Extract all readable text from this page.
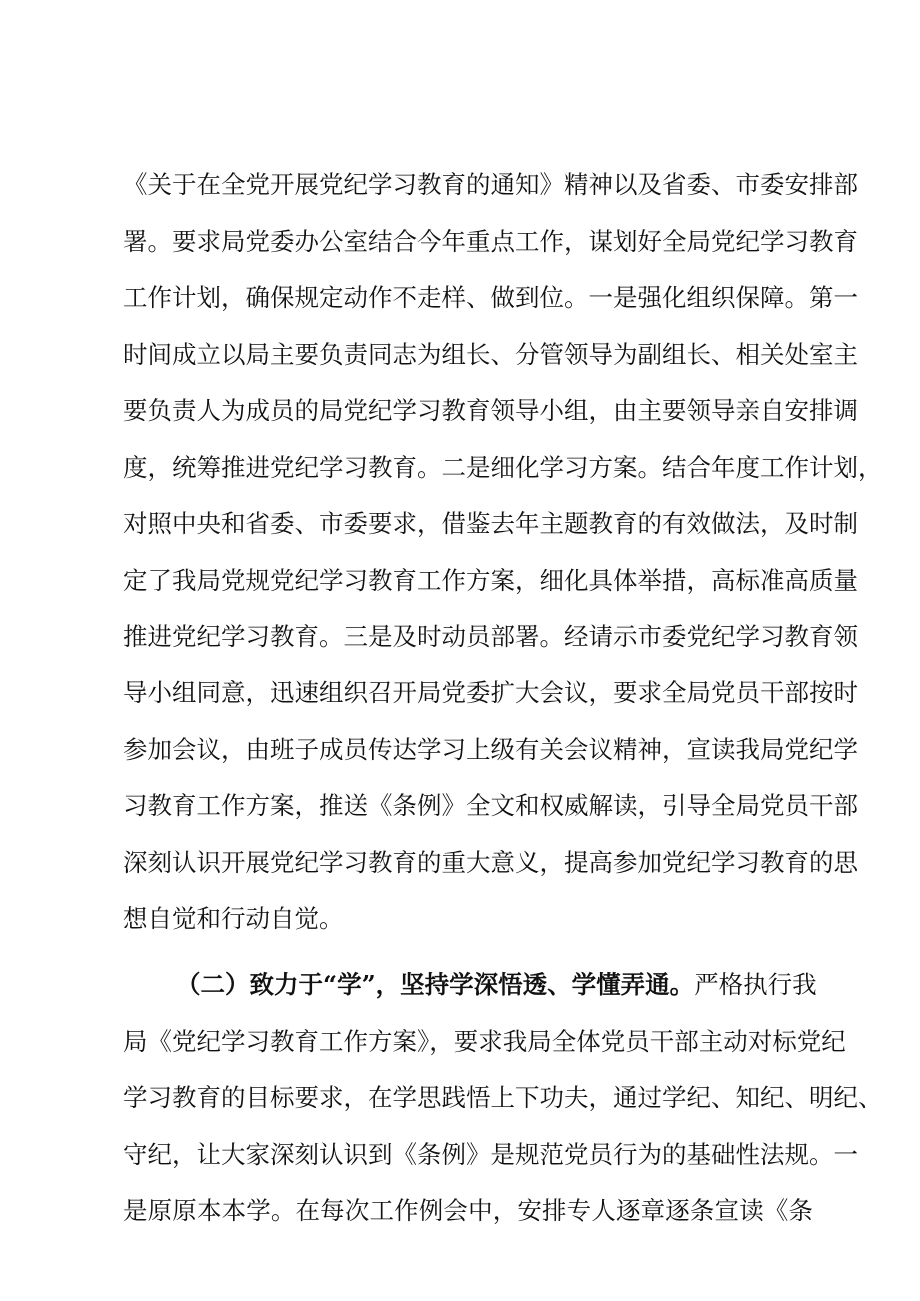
《关于在全党开展党纪学习教育的通知》精神以及省委、市委安排部
署。要求局党委办公室结合今年重点工作，谋划好全局党纪学习教育
工作计划，确保规定动作不走样、做到位。一是强化组织保障。第一
时间成立以局主要负责同志为组长、分管领导为副组长、相关处室主
要负责人为成员的局党纪学习教育领导小组，由主要领导亲自安排调
度，统筹推进党纪学习教育。二是细化学习方案。结合年度工作计划，
对照中央和省委、市委要求，借鉴去年主题教育的有效做法，及时制
定了我局党规党纪学习教育工作方案，细化具体举措，高标准高质量
推进党纪学习教育。三是及时动员部署。经请示市委党纪学习教育领
导小组同意，迅速组织召开局党委扩大会议，要求全局党员干部按时
参加会议，由班子成员传达学习上级有关会议精神，宣读我局党纪学
习教育工作方案，推送《条例》全文和权威解读，引导全局党员干部
深刻认识开展党纪学习教育的重大意义，提高参加党纪学习教育的思
想自觉和行动自觉。
（二）致力于“学”，坚持学深悟透、学懂弄通。严格执行我
局《党纪学习教育工作方案》，要求我局全体党员干部主动对标党纪
学习教育的目标要求，在学思践悟上下功夫，通过学纪、知纪、明纪、
守纪，让大家深刻认识到《条例》是规范党员行为的基础性法规。一
是原原本本学。在每次工作例会中，安排专人逐章逐条宣读《条
